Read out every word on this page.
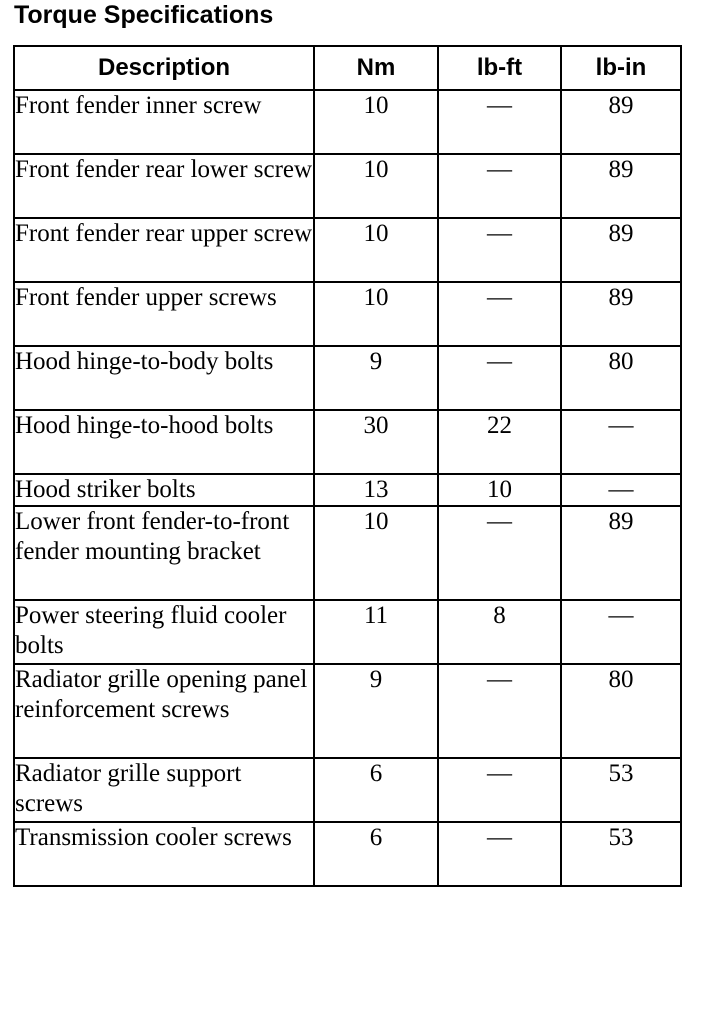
Torque Specifications
Description	Nm	lb-ft	lb-in
Front fender inner screw	10	—	89
Front fender rear lower screw	10	—	89
Front fender rear upper screw	10	—	89
Front fender upper screws	10	—	89
Hood hinge-to-body bolts	9	—	80
Hood hinge-to-hood bolts	30	22	—
Hood striker bolts	13	10	—
Lower front fender-to-front fender mounting bracket	10	—	89
Power steering fluid cooler bolts	11	8	—
Radiator grille opening panel reinforcement screws	9	—	80
Radiator grille support screws	6	—	53
Transmission cooler screws	6	—	53
